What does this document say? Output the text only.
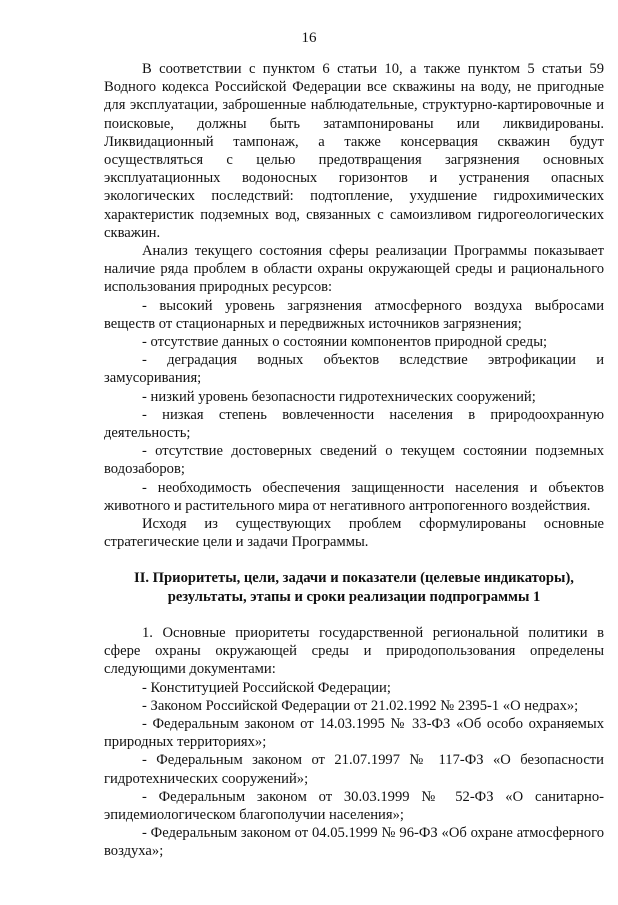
16

В соответствии с пунктом 6 статьи 10, а также пунктом 5 статьи 59 Водного кодекса Российской Федерации все скважины на воду, не пригодные для эксплуатации, заброшенные наблюдательные, структурно-картировочные и поисковые, должны быть затампонированы или ликвидированы. Ликвидационный тампонаж, а также консервация скважин будут осуществляться с целью предотвращения загрязнения основных эксплуатационных водоносных горизонтов и устранения опасных экологических последствий: подтопление, ухудшение гидрохимических характеристик подземных вод, связанных с самоизливом гидрогеологических скважин.

Анализ текущего состояния сферы реализации Программы показывает наличие ряда проблем в области охраны окружающей среды и рационального использования природных ресурсов:

- высокий уровень загрязнения атмосферного воздуха выбросами веществ от стационарных и передвижных источников загрязнения;

- отсутствие данных о состоянии компонентов природной среды;

- деградация водных объектов вследствие эвтрофикации и замусоривания;

- низкий уровень безопасности гидротехнических сооружений;

- низкая степень вовлеченности населения в природоохранную деятельность;

- отсутствие достоверных сведений о текущем состоянии подземных водозаборов;

- необходимость обеспечения защищенности населения и объектов животного и растительного мира от негативного антропогенного воздействия.

Исходя из существующих проблем сформулированы основные стратегические цели и задачи Программы.

II. Приоритеты, цели, задачи и показатели (целевые индикаторы), результаты, этапы и сроки реализации подпрограммы 1

1. Основные приоритеты государственной региональной политики в сфере охраны окружающей среды и природопользования определены следующими документами:

- Конституцией Российской Федерации;

- Законом Российской Федерации от 21.02.1992 № 2395-1 «О недрах»;

- Федеральным законом от 14.03.1995 № 33-ФЗ «Об особо охраняемых природных территориях»;

- Федеральным законом от 21.07.1997 № 117-ФЗ «О безопасности гидротехнических сооружений»;

- Федеральным законом от 30.03.1999 № 52-ФЗ «О санитарно-эпидемиологическом благополучии населения»;

- Федеральным законом от 04.05.1999 № 96-ФЗ «Об охране атмосферного воздуха»;
